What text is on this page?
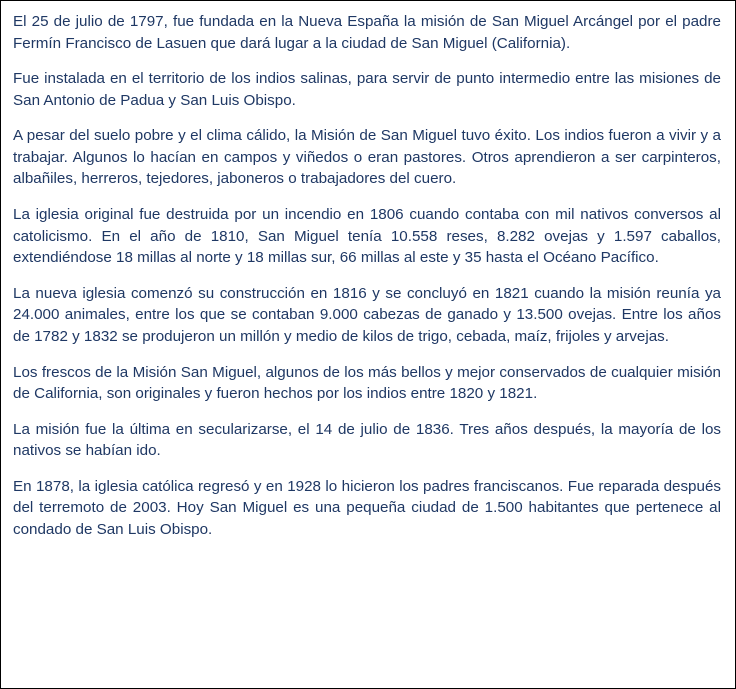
El 25 de julio de 1797, fue fundada en la Nueva España la misión de San Miguel Arcángel por el padre Fermín Francisco de Lasuen que dará lugar a la ciudad de San Miguel (California).

Fue instalada en el territorio de los indios salinas, para servir de punto intermedio entre las misiones de San Antonio de Padua y San Luis Obispo.

A pesar del suelo pobre y el clima cálido, la Misión de San Miguel tuvo éxito. Los indios fueron a vivir y a trabajar. Algunos lo hacían en campos y viñedos o eran pastores. Otros aprendieron a ser carpinteros, albañiles, herreros, tejedores, jaboneros o trabajadores del cuero.

La iglesia original fue destruida por un incendio en 1806 cuando contaba con mil nativos conversos al catolicismo. En el año de 1810, San Miguel tenía 10.558 reses, 8.282 ovejas y 1.597 caballos, extendiéndose 18 millas al norte y 18 millas sur, 66 millas al este y 35 hasta el Océano Pacífico.

La nueva iglesia comenzó su construcción en 1816 y se concluyó en 1821 cuando la misión reunía ya 24.000 animales, entre los que se contaban 9.000 cabezas de ganado y 13.500 ovejas. Entre los años de 1782 y 1832 se produjeron un millón y medio de kilos de trigo, cebada, maíz, frijoles y arvejas.

Los frescos de la Misión San Miguel, algunos de los más bellos y mejor conservados de cualquier misión de California, son originales y fueron hechos por los indios entre 1820 y 1821.

La misión fue la última en secularizarse, el 14 de julio de 1836. Tres años después, la mayoría de los nativos se habían ido.

En 1878, la iglesia católica regresó y en 1928 lo hicieron los padres franciscanos. Fue reparada después del terremoto de 2003. Hoy San Miguel es una pequeña ciudad de 1.500 habitantes que pertenece al condado de San Luis Obispo.
